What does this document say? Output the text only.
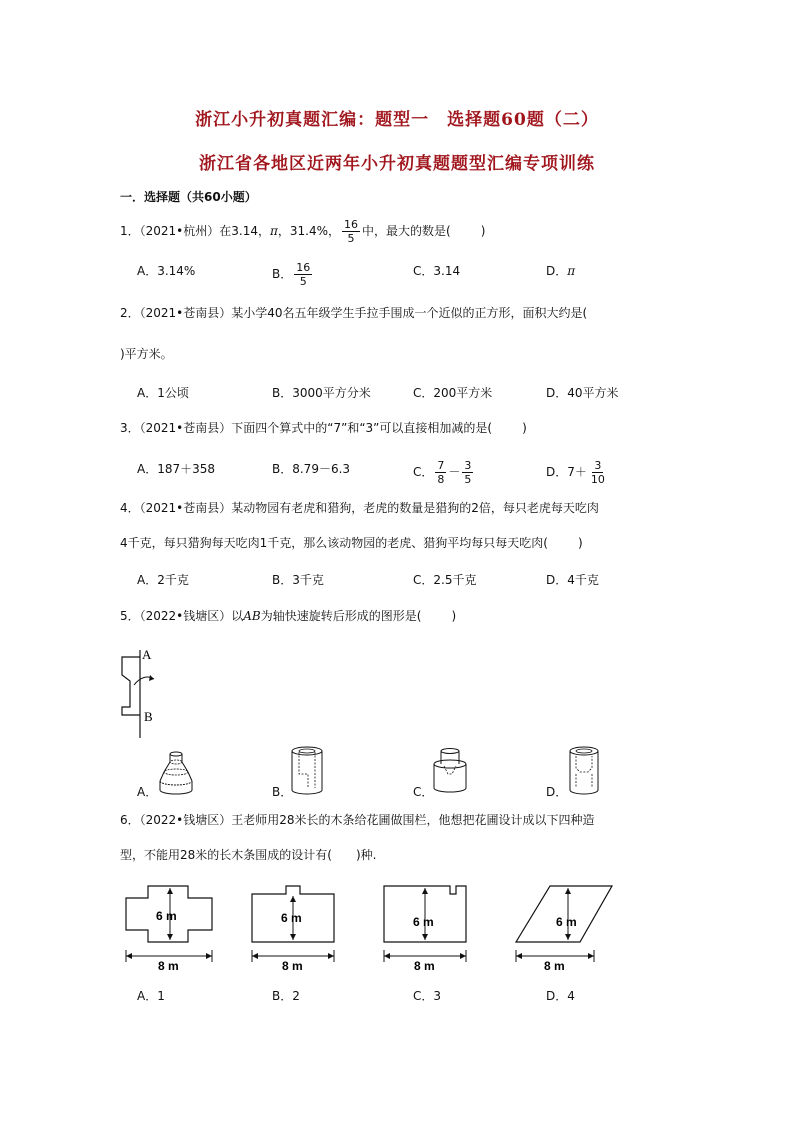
浙江小升初真题汇编：题型一　选择题60题（二）
浙江省各地区近两年小升初真题题型汇编专项训练
一．选择题（共60小题）
1．（2021•杭州）在3.14，π，31.4%， $\frac{16}{5}$ 中，最大的数是(	)
A．3.14%	B． $\frac{16}{5}$	C．3.14	D．π
2．（2021•苍南县）某小学40名五年级学生手拉手围成一个近似的正方形，面积大约是(
)平方米。
A．1公顷	B．3000平方分米	C．200平方米	D．40平方米
3．（2021•苍南县）下面四个算式中的“7”和“3”可以直接相加减的是(	)
A．187＋358	B．8.79－6.3	C． $\frac{7}{8} - \frac{3}{5}$	D．$7+ \frac{3}{10}$
4．（2021•苍南县）某动物园有老虎和猎狗，老虎的数量是猎狗的2倍，每只老虎每天吃肉
4千克，每只猎狗每天吃肉1千克，那么该动物园的老虎、猎狗平均每只每天吃肉(	)
A．2千克	B．3千克	C．2.5千克	D．4千克
5．（2022•钱塘区）以AB为轴快速旋转后形成的图形是(	)
A
B
A．	B．	C．	D．
6．（2022•钱塘区）王老师用28米长的木条给花圃做围栏，他想把花圃设计成以下四种造
型，不能用28米的长木条围成的设计有(　　)种.
6 m
8 m
6 m
8 m
6 m
8 m
6 m
8 m
A．1	B．2	C．3	D．4
